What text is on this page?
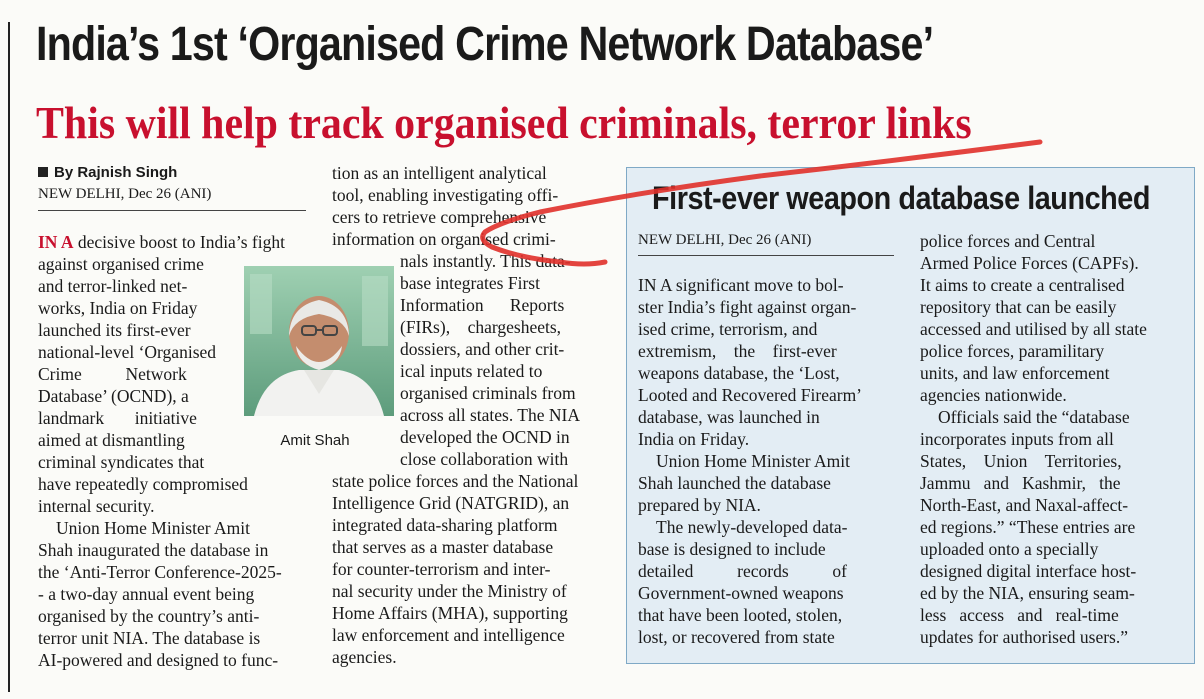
India’s 1st ‘Organised Crime Network Database’
This will help track organised criminals, terror links
By Rajnish Singh
NEW DELHI, Dec 26 (ANI)
IN A decisive boost to India’s fight
against organised crime
and terror-linked net-
works, India on Friday
launched its first-ever
national-level ‘Organised
Crime          Network
Database’ (OCND), a
landmark       initiative
aimed at dismantling
criminal syndicates that
have repeatedly compromised
internal security.
Union Home Minister Amit
Shah inaugurated the database in
the ‘Anti-Terror Conference-2025-
- a two-day annual event being
organised by the country’s anti-
terror unit NIA. The database is
AI-powered and designed to func-
Amit Shah
tion as an intelligent analytical
tool, enabling investigating offi-
cers to retrieve comprehensive
information on organised crimi-
nals instantly. This data-
base integrates First
Information      Reports
(FIRs),    chargesheets,
dossiers, and other crit-
ical inputs related to
organised criminals from
across all states. The NIA
developed the OCND in
close collaboration with
state police forces and the National
Intelligence Grid (NATGRID), an
integrated data-sharing platform
that serves as a master database
for counter-terrorism and inter-
nal security under the Ministry of
Home Affairs (MHA), supporting
law enforcement and intelligence
agencies.
First-ever weapon database launched
NEW DELHI, Dec 26 (ANI)
IN A significant move to bol-
ster India’s fight against organ-
ised crime, terrorism, and
extremism,    the    first-ever
weapons database, the ‘Lost,
Looted and Recovered Firearm’
database, was launched in
India on Friday.
Union Home Minister Amit
Shah launched the database
prepared by NIA.
The newly-developed data-
base is designed to include
detailed          records          of
Government-owned weapons
that have been looted, stolen,
lost, or recovered from state
police forces and Central
Armed Police Forces (CAPFs).
It aims to create a centralised
repository that can be easily
accessed and utilised by all state
police forces, paramilitary
units, and law enforcement
agencies nationwide.
Officials said the “database
incorporates inputs from all
States,    Union    Territories,
Jammu   and   Kashmir,   the
North-East, and Naxal-affect-
ed regions.” “These entries are
uploaded onto a specially
designed digital interface host-
ed by the NIA, ensuring seam-
less   access   and   real-time
updates for authorised users.”
